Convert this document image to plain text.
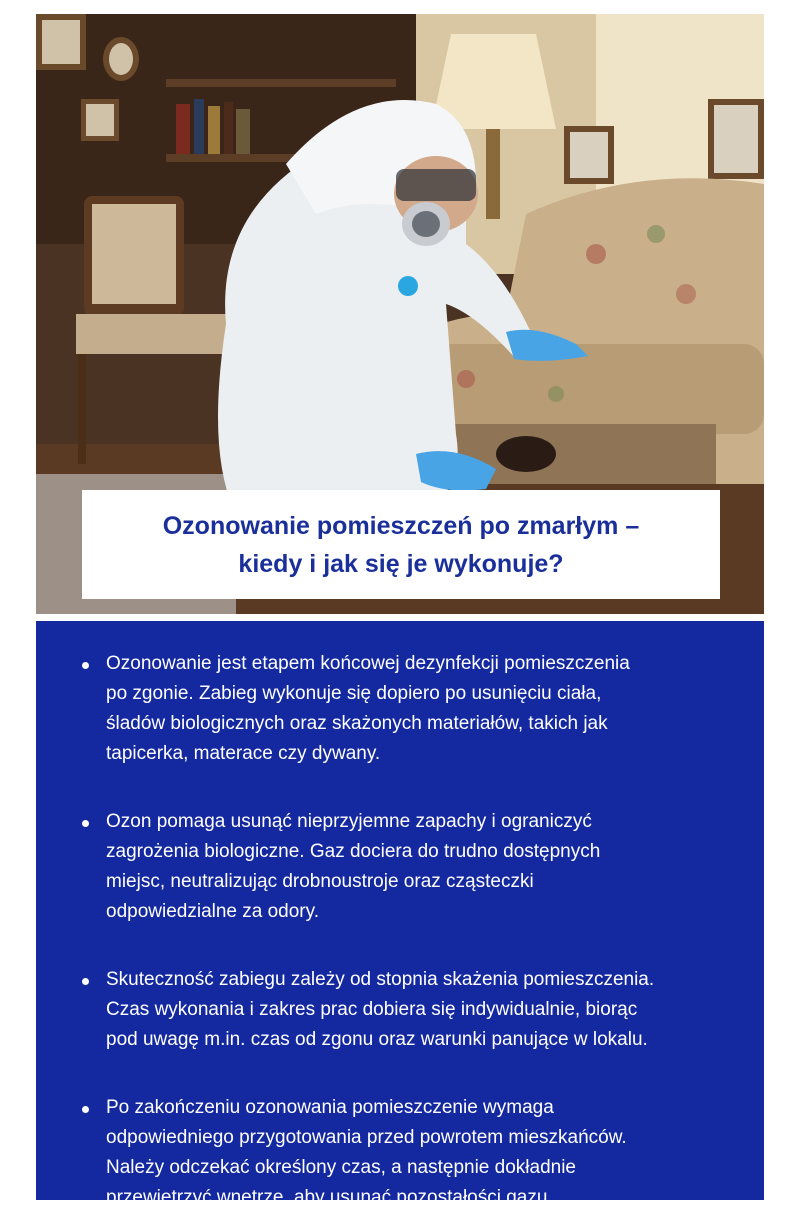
Ozonowanie pomieszczeń po zmarłym –
kiedy i jak się je wykonuje?
Ozonowanie jest etapem końcowej dezynfekcji pomieszczenia
po zgonie. Zabieg wykonuje się dopiero po usunięciu ciała,
śladów biologicznych oraz skażonych materiałów, takich jak
tapicerka, materace czy dywany.
Ozon pomaga usunąć nieprzyjemne zapachy i ograniczyć
zagrożenia biologiczne. Gaz dociera do trudno dostępnych
miejsc, neutralizując drobnoustroje oraz cząsteczki
odpowiedzialne za odory.
Skuteczność zabiegu zależy od stopnia skażenia pomieszczenia.
Czas wykonania i zakres prac dobiera się indywidualnie, biorąc
pod uwagę m.in. czas od zgonu oraz warunki panujące w lokalu.
Po zakończeniu ozonowania pomieszczenie wymaga
odpowiedniego przygotowania przed powrotem mieszkańców.
Należy odczekać określony czas, a następnie dokładnie
przewietrzyć wnętrze, aby usunąć pozostałości gazu.
